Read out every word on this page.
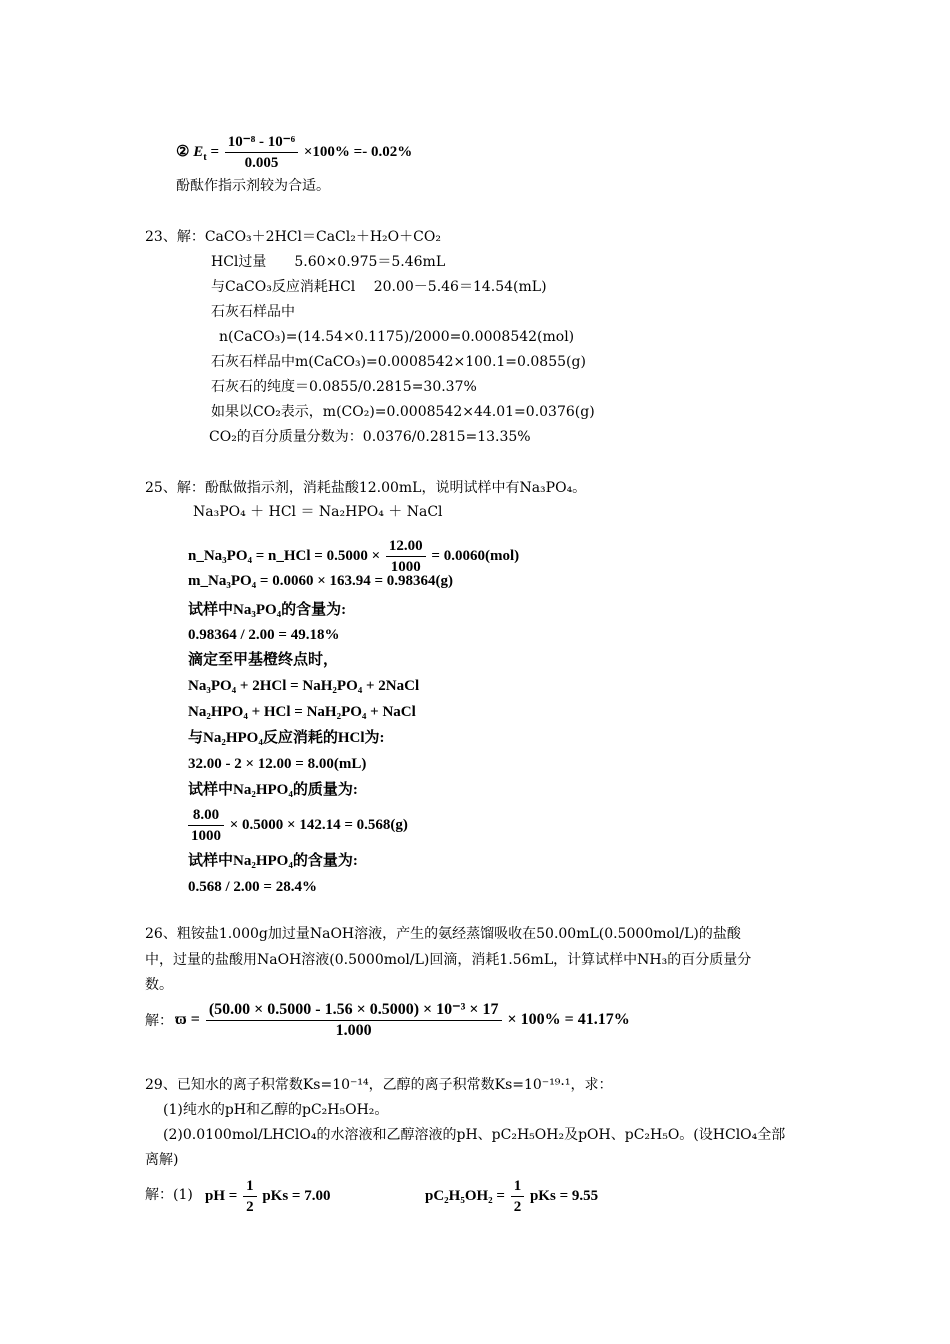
② $E_t = \frac{\text{10⁻⁸ - 10⁻⁶}}{0.005} \times 100\% =- 0.02\%$
酚酞作指示剂较为合适。
23、解：CaCO₃＋2HCl＝CaCl₂＋H₂O＋CO₂
HCl过量　　5.60×0.975＝5.46mL
与CaCO₃反应消耗HCl　 20.00－5.46＝14.54(mL)
石灰石样品中
n(CaCO₃)=(14.54×0.1175)/2000=0.0008542(mol)
石灰石样品中m(CaCO₃)=0.0008542×100.1=0.0855(g)
石灰石的纯度＝0.0855/0.2815=30.37%
如果以CO₂表示，m(CO₂)=0.0008542×44.01=0.0376(g)
CO₂的百分质量分数为：0.0376/0.2815=13.35%
25、解：酚酞做指示剂，消耗盐酸12.00mL，说明试样中有Na₃PO₄。
Na₃PO₄ ＋ HCl ＝ Na₂HPO₄ ＋ NaCl
n_Na₃PO₄ = n_HCl = $0.5000 \times \frac{12.00}{1000} = 0.0060(mol)$
m_Na₃PO₄ = 0.0060 × 163.94 = 0.98364(g)
试样中Na₃PO₄的含量为:
0.98364 / 2.00 = 49.18%
滴定至甲基橙终点时，
Na₃PO₄ + 2HCl = NaH₂PO₄ + 2NaCl
Na₂HPO₄ + HCl = NaH₂PO₄ + NaCl
与Na₂HPO₄反应消耗的HCl为:
32.00 - 2 × 12.00 = 8.00(mL)
试样中Na₂HPO₄的质量为:
$\frac{8.00}{1000} \times 0.5000 \times 142.14 = 0.568(g)$
试样中Na₂HPO₄的含量为:
0.568 / 2.00 = 28.4%
26、粗铵盐1.000g加过量NaOH溶液，产生的氨经蒸馏吸收在50.00mL(0.5000mol/L)的盐酸
中，过量的盐酸用NaOH溶液(0.5000mol/L)回滴，消耗1.56mL，计算试样中NH₃的百分质量分
数。
解： $ϖ = \frac{\text{(50.00 × 0.5000 - 1.56 × 0.5000) × 10⁻³ × 17}}{1.000} \times 100\% = 41.17\%$
29、已知水的离子积常数Ks=10⁻¹⁴，乙醇的离子积常数Ks=10⁻¹⁹·¹，求：
(1)纯水的pH和乙醇的pC₂H₅OH₂。
(2)0.0100mol/LHClO₄的水溶液和乙醇溶液的pH、pC₂H₅OH₂及pOH、pC₂H₅O。(设HClO₄全部
离解)
解：(1) pH = $\frac{1}{2}$ pKs = 7.00	$pC_2H_5OH_2 = \frac{1}{2}$ pKs = 9.55
